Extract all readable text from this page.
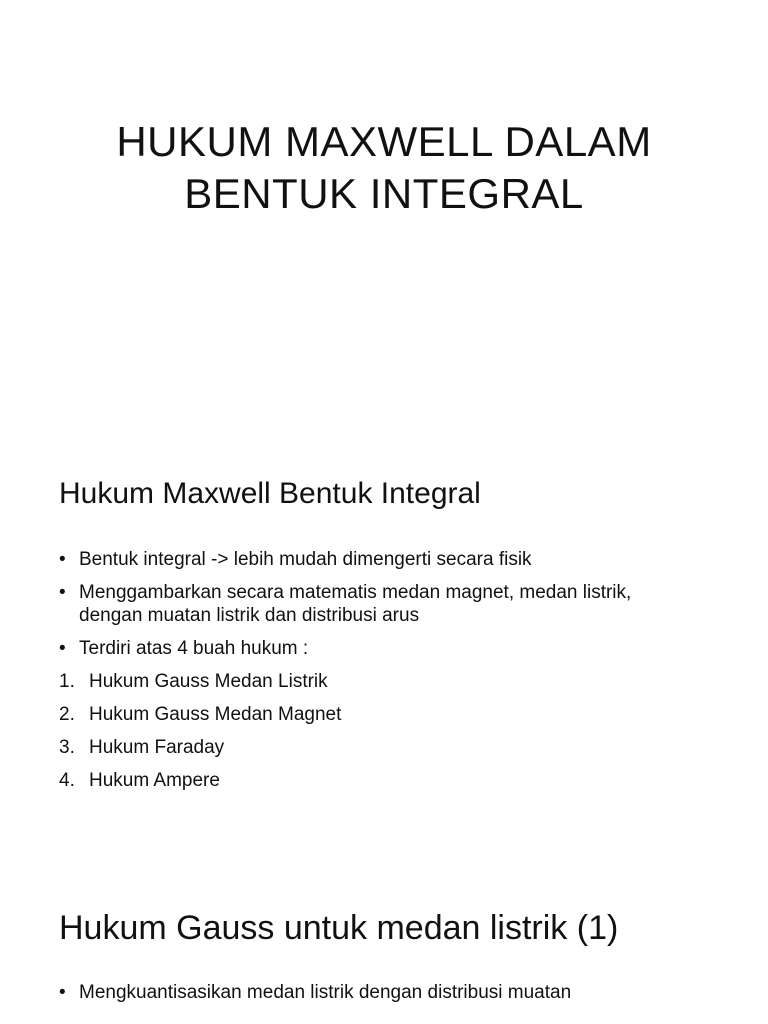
HUKUM MAXWELL DALAM
BENTUK INTEGRAL
Hukum Maxwell Bentuk Integral
• Bentuk integral -> lebih mudah dimengerti secara fisik
• Menggambarkan secara matematis medan magnet, medan listrik,
dengan muatan listrik dan distribusi arus
• Terdiri atas 4 buah hukum :
1. Hukum Gauss Medan Listrik
2. Hukum Gauss Medan Magnet
3. Hukum Faraday
4. Hukum Ampere
Hukum Gauss untuk medan listrik (1)
• Mengkuantisasikan medan listrik dengan distribusi muatan
